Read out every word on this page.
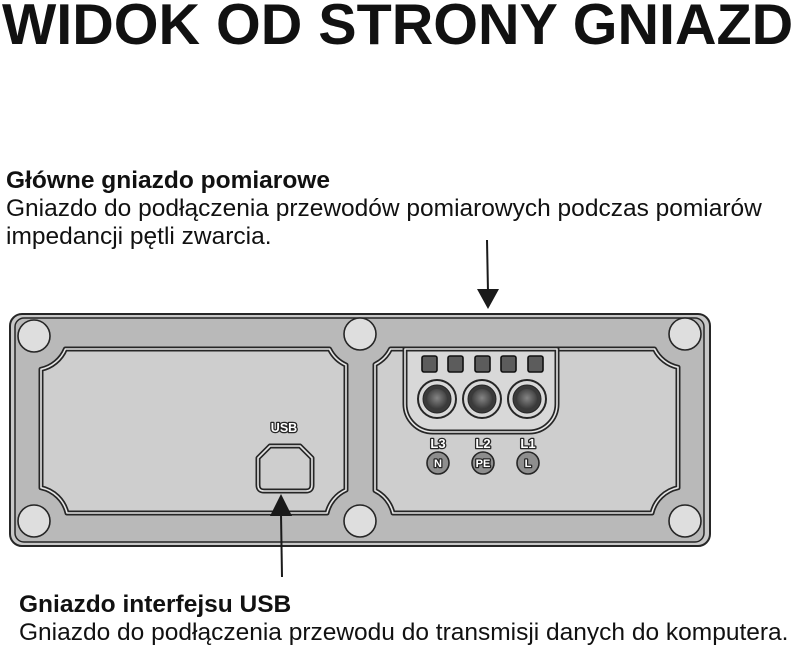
L3 L2 L1
N	PE	L
USB
WIDOK OD STRONY GNIAZD
Główne gniazdo pomiarowe
Gniazdo do podłączenia przewodów pomiarowych podczas pomiarów
impedancji pętli zwarcia.
Gniazdo interfejsu USB
Gniazdo do podłączenia przewodu do transmisji danych do komputera.
